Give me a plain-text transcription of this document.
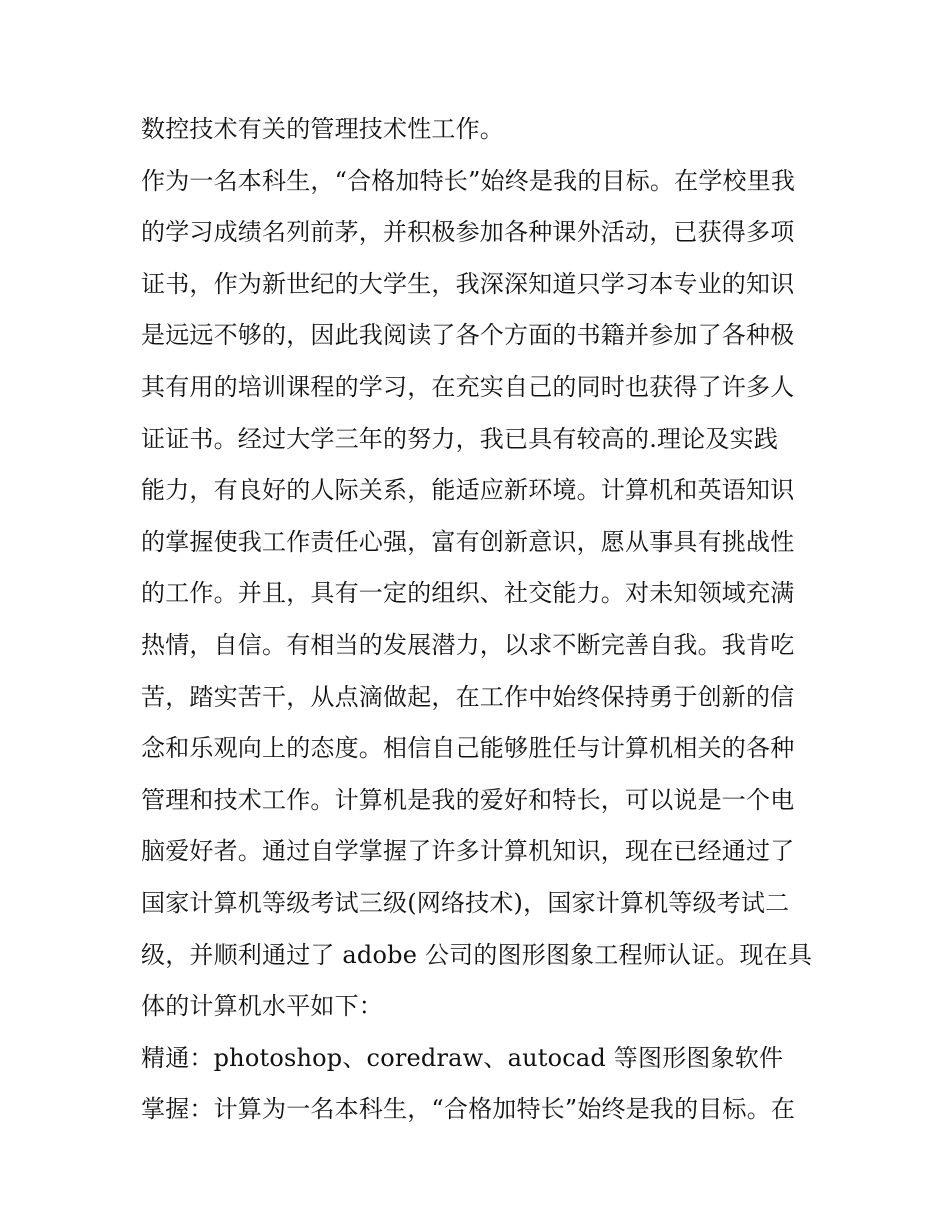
数控技术有关的管理技术性工作。
作为一名本科生，“合格加特长”始终是我的目标。在学校里我
的学习成绩名列前茅，并积极参加各种课外活动，已获得多项
证书，作为新世纪的大学生，我深深知道只学习本专业的知识
是远远不够的，因此我阅读了各个方面的书籍并参加了各种极
其有用的培训课程的学习，在充实自己的同时也获得了许多人
证证书。经过大学三年的努力，我已具有较高的.理论及实践
能力，有良好的人际关系，能适应新环境。计算机和英语知识
的掌握使我工作责任心强，富有创新意识，愿从事具有挑战性
的工作。并且，具有一定的组织、社交能力。对未知领域充满
热情，自信。有相当的发展潜力，以求不断完善自我。我肯吃
苦，踏实苦干，从点滴做起，在工作中始终保持勇于创新的信
念和乐观向上的态度。相信自己能够胜任与计算机相关的各种
管理和技术工作。计算机是我的爱好和特长，可以说是一个电
脑爱好者。通过自学掌握了许多计算机知识，现在已经通过了
国家计算机等级考试三级(网络技术)，国家计算机等级考试二
级，并顺利通过了 adobe 公司的图形图象工程师认证。现在具
体的计算机水平如下：
精通：photoshop、coredraw、autocad 等图形图象软件
掌握：计算为一名本科生，“合格加特长”始终是我的目标。在
